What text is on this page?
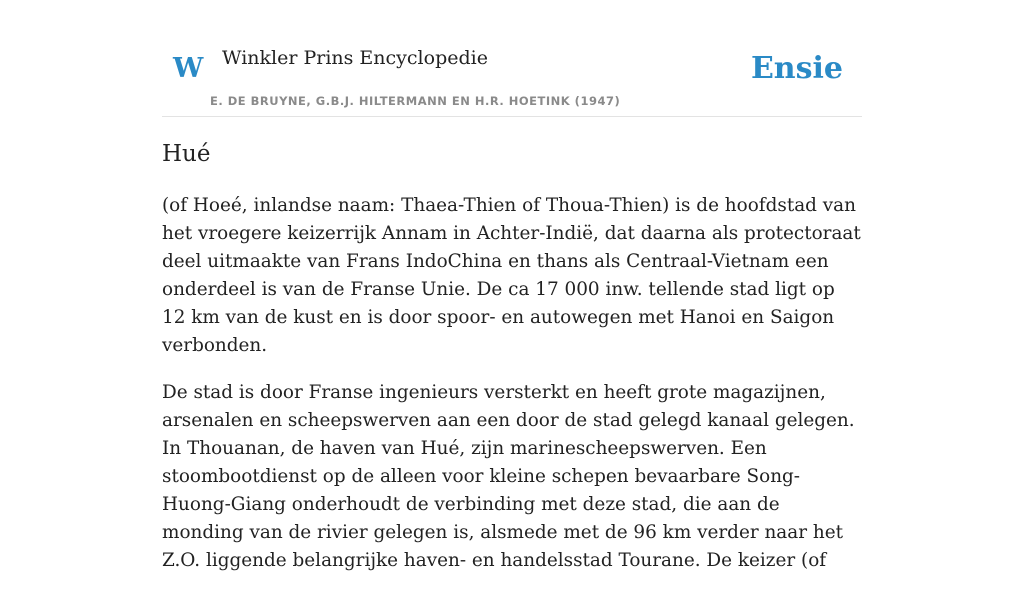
W Winkler Prins Encyclopedie
E. DE BRUYNE, G.B.J. HILTERMANN EN H.R. HOETINK (1947)
Ensie
Hué

(of Hoeé, inlandse naam: Thaea-Thien of Thoua-Thien) is de hoofdstad van het vroegere keizerrijk Annam in Achter-Indië, dat daarna als protectoraat deel uitmaakte van Frans IndoChina en thans als Centraal-Vietnam een onderdeel is van de Franse Unie. De ca 17 000 inw. tellende stad ligt op 12 km van de kust en is door spoor- en autowegen met Hanoi en Saigon verbonden.

De stad is door Franse ingenieurs versterkt en heeft grote magazijnen, arsenalen en scheepswerven aan een door de stad gelegd kanaal gelegen. In Thouanan, de haven van Hué, zijn marinescheepswerven. Een stoombootdienst op de alleen voor kleine schepen bevaarbare Song-Huong-Giang onderhoudt de verbinding met deze stad, die aan de monding van de rivier gelegen is, alsmede met de 96 km verder naar het Z.O. liggende belangrijke haven- en handelsstad Tourane. De keizer (of
